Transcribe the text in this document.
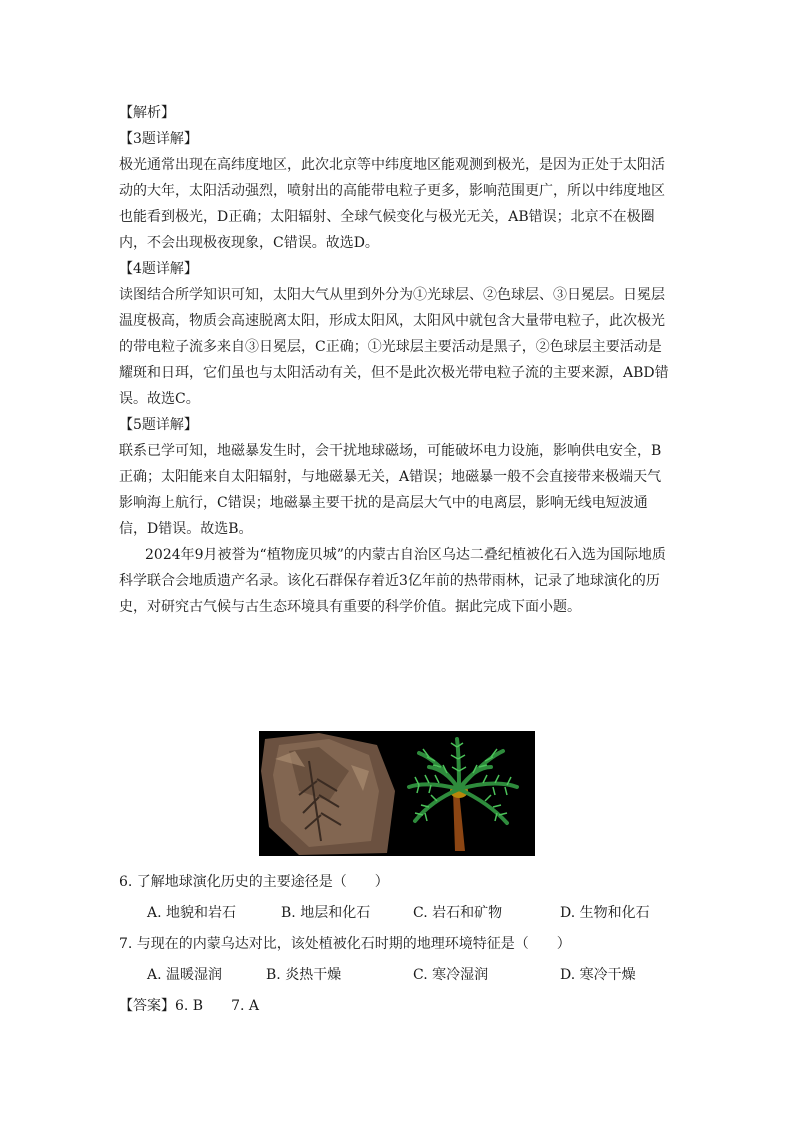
【解析】
【3题详解】
极光通常出现在高纬度地区，此次北京等中纬度地区能观测到极光，是因为正处于太阳活
动的大年，太阳活动强烈，喷射出的高能带电粒子更多，影响范围更广，所以中纬度地区
也能看到极光，D正确；太阳辐射、全球气候变化与极光无关，AB错误；北京不在极圈
内，不会出现极夜现象，C错误。故选D。
【4题详解】
读图结合所学知识可知，太阳大气从里到外分为①光球层、②色球层、③日冕层。日冕层
温度极高，物质会高速脱离太阳，形成太阳风，太阳风中就包含大量带电粒子，此次极光
的带电粒子流多来自③日冕层，C正确；①光球层主要活动是黑子，②色球层主要活动是
耀斑和日珥，它们虽也与太阳活动有关，但不是此次极光带电粒子流的主要来源，ABD错
误。故选C。
【5题详解】
联系已学可知，地磁暴发生时，会干扰地球磁场，可能破坏电力设施，影响供电安全，B
正确；太阳能来自太阳辐射，与地磁暴无关，A错误；地磁暴一般不会直接带来极端天气
影响海上航行，C错误；地磁暴主要干扰的是高层大气中的电离层，影响无线电短波通
信，D错误。故选B。
2024年9月被誉为“植物庞贝城”的内蒙古自治区乌达二叠纪植被化石入选为国际地质
科学联合会地质遗产名录。该化石群保存着近3亿年前的热带雨林，记录了地球演化的历
史，对研究古气候与古生态环境具有重要的科学价值。据此完成下面小题。
6. 了解地球演化历史的主要途径是（　　）
A. 地貌和岩石	B. 地层和化石	C. 岩石和矿物	D. 生物和化石
7. 与现在的内蒙乌达对比，该处植被化石时期的地理环境特征是（　　）
A. 温暖湿润	B. 炎热干燥	C. 寒冷湿润	D. 寒冷干燥
【答案】6. B　　7. A
